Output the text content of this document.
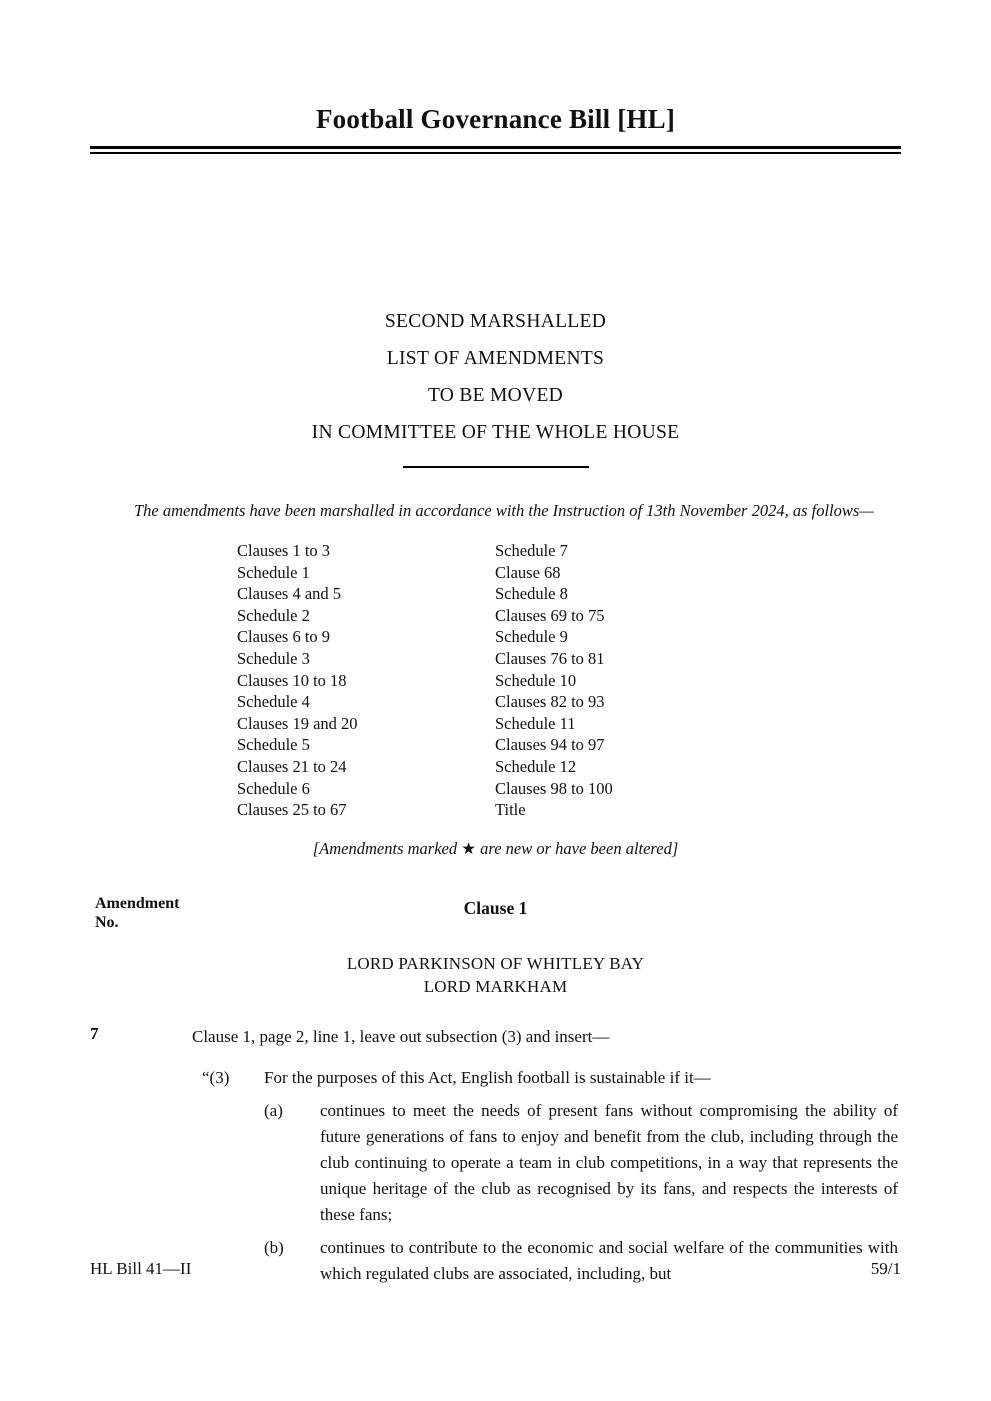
Football Governance Bill [HL]
SECOND MARSHALLED
LIST OF AMENDMENTS
TO BE MOVED
IN COMMITTEE OF THE WHOLE HOUSE
The amendments have been marshalled in accordance with the Instruction of 13th November 2024, as follows—
Clauses 1 to 3
Schedule 1
Clauses 4 and 5
Schedule 2
Clauses 6 to 9
Schedule 3
Clauses 10 to 18
Schedule 4
Clauses 19 and 20
Schedule 5
Clauses 21 to 24
Schedule 6
Clauses 25 to 67
Schedule 7
Clause 68
Schedule 8
Clauses 69 to 75
Schedule 9
Clauses 76 to 81
Schedule 10
Clauses 82 to 93
Schedule 11
Clauses 94 to 97
Schedule 12
Clauses 98 to 100
Title
[Amendments marked ★ are new or have been altered]
Amendment
No.
Clause 1
LORD PARKINSON OF WHITLEY BAY
LORD MARKHAM
7	Clause 1, page 2, line 1, leave out subsection (3) and insert—
“(3)	For the purposes of this Act, English football is sustainable if it—
(a)	continues to meet the needs of present fans without compromising the ability of future generations of fans to enjoy and benefit from the club, including through the club continuing to operate a team in club competitions, in a way that represents the unique heritage of the club as recognised by its fans, and respects the interests of these fans;
(b)	continues to contribute to the economic and social welfare of the communities with which regulated clubs are associated, including, but
HL Bill 41—II	59/1
